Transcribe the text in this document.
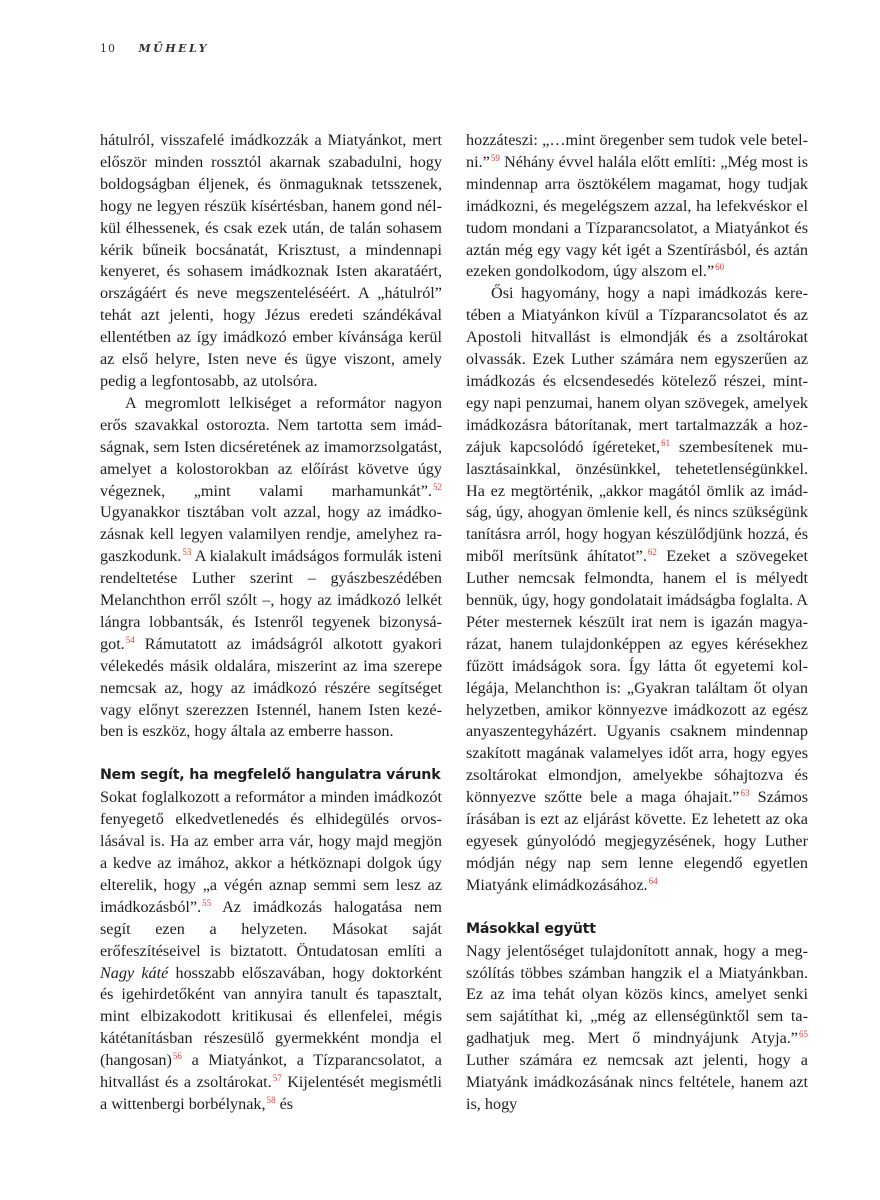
10 MŰHELY

hátulról, visszafelé imádkozzák a Miatyánkot, mert először minden rossztól akarnak szabadulni, hogy boldogságban éljenek, és önmaguknak tetsszenek, hogy ne legyen részük kísértésban, hanem gond nélkül élhessenek, és csak ezek után, de talán sohasem kérik bűneik bocsánatát, Krisztust, a mindennapi kenyeret, és sohasem imádkoznak Isten akaratáért, országáért és neve megszenteléséért. A „hátulról” tehát azt jelenti, hogy Jézus eredeti szándékával ellentétben az így imádkozó ember kívánsága kerül az első helyre, Isten neve és ügye viszont, amely pedig a legfontosabb, az utolsóra.

A megromlott lelkiséget a reformátor nagyon erős szavakkal ostorozta. Nem tartotta sem imádságnak, sem Isten dicséretének az imamorzsolgatást, amelyet a kolostorokban az előírást követve úgy végeznek, „mint valami marhamunkát”.$^{52}$ Ugyanakkor tisztában volt azzal, hogy az imádkozásnak kell legyen valamilyen rendje, amelyhez ragaszkodunk.$^{53}$ A kialakult imádságos formulák isteni rendeltetése Luther szerint – gyászbeszédében Melanchthon erről szólt –, hogy az imádkozó lelkét lángra lobbantsák, és Istenről tegyenek bizonyságot.$^{54}$ Rámutatott az imádságról alkotott gyakori vélekedés másik oldalára, miszerint az ima szerepe nemcsak az, hogy az imádkozó részére segítséget vagy előnyt szerezzen Istennél, hanem Isten kezében is eszköz, hogy általa az emberre hasson.

Nem segít, ha megfelelő hangulatra várunk

Sokat foglalkozott a reformátor a minden imádkozót fenyegető elkedvetlenedés és elhidegülés orvoslásával is. Ha az ember arra vár, hogy majd megjön a kedve az imához, akkor a hétköznapi dolgok úgy elterelik, hogy „a végén aznap semmi sem lesz az imádkozásból”.$^{55}$ Az imádkozás halogatása nem segít ezen a helyzeten. Másokat saját erőfeszítéseivel is biztatott. Öntudatosan említi a Nagy káté hosszabb előszavában, hogy doktorként és igehirdetőként van annyira tanult és tapasztalt, mint elbizakodott kritikusai és ellenfelei, mégis kátétanításban részesülő gyermekként mondja el (hangosan)$^{56}$ a Miatyánkot, a Tízparancsolatot, a hitvallást és a zsoltárokat.$^{57}$ Kijelentését megismétli a wittenbergi borbélynak,$^{58}$ és

hozzáteszi: „…mint öregenber sem tudok vele betelni.”$^{59}$ Néhány évvel halála előtt említi: „Még most is mindennap arra ösztökélem magamat, hogy tudjak imádkozni, és megelégszem azzal, ha lefekvéskor el tudom mondani a Tízparancsolatot, a Miatyánkot és aztán még egy vagy két igét a Szentírásból, és aztán ezeken gondolkodom, úgy alszom el.”$^{60}$

Ősi hagyomány, hogy a napi imádkozás keretében a Miatyánkon kívül a Tízparancsolatot és az Apostoli hitvallást is elmondják és a zsoltárokat olvassák. Ezek Luther számára nem egyszerűen az imádkozás és elcsendesedés kötelező részei, mintegy napi penzumai, hanem olyan szövegek, amelyek imádkozásra bátorítanak, mert tartalmazzák a hozzájuk kapcsolódó ígéreteket,$^{61}$ szembesítenek mulasztásainkkal, önzésünkkel, tehetetlenségünkkel. Ha ez megtörténik, „akkor magától ömlik az imádság, úgy, ahogyan ömlenie kell, és nincs szükségünk tanításra arról, hogy hogyan készülődjünk hozzá, és miből merítsünk áhítatot”.$^{62}$ Ezeket a szövegeket Luther nemcsak felmondta, hanem el is mélyedt bennük, úgy, hogy gondolatait imádságba foglalta. A Péter mesternek készült irat nem is igazán magyarázat, hanem tulajdonképpen az egyes kérésekhez fűzött imádságok sora. Így látta őt egyetemi kollégája, Melanchthon is: „Gyakran találtam őt olyan helyzetben, amikor könnyezve imádkozott az egész anyaszentegyházért. Ugyanis csaknem mindennap szakított magának valamelyes időt arra, hogy egyes zsoltárokat elmondjon, amelyekbe sóhajtozva és könnyezve szőtte bele a maga óhajait.”$^{63}$ Számos írásában is ezt az eljárást követte. Ez lehetett az oka egyesek gúnyolódó megjegyzésének, hogy Luther módján négy nap sem lenne elegendő egyetlen Miatyánk elimádkozásához.$^{64}$

Másokkal együtt

Nagy jelentőséget tulajdonított annak, hogy a megszólítás többes számban hangzik el a Miatyánkban. Ez az ima tehát olyan közös kincs, amelyet senki sem sajátíthat ki, „még az ellenségünktől sem tagadhatjuk meg. Mert ő mindnyájunk Atyja.”$^{65}$ Luther számára ez nemcsak azt jelenti, hogy a Miatyánk imádkozásának nincs feltétele, hanem azt is, hogy
